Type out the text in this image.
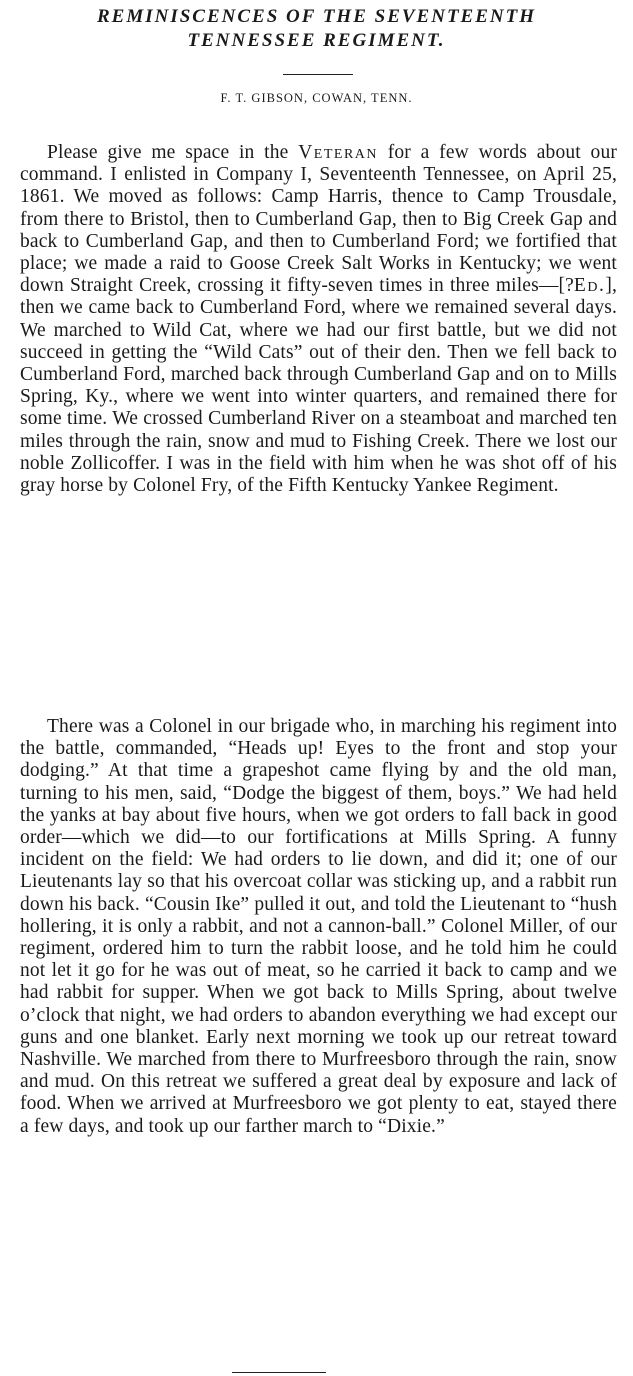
REMINISCENCES OF THE SEVENTEENTH
TENNESSEE REGIMENT.
F. T. GIBSON, COWAN, TENN.

Please give me space in the Veteran for a few words about our command. I enlisted in Company I, Seventeenth Tennessee, on April 25, 1861. We moved as follows: Camp Harris, thence to Camp Trousdale, from there to Bristol, then to Cumberland Gap, then to Big Creek Gap and back to Cumberland Gap, and then to Cumberland Ford; we fortified that place; we made a raid to Goose Creek Salt Works in Kentucky; we went down Straight Creek, crossing it fifty-seven times in three miles—[?Ed.], then we came back to Cumberland Ford, where we remained several days. We marched to Wild Cat, where we had our first battle, but we did not succeed in getting the “Wild Cats” out of their den. Then we fell back to Cumberland Ford, marched back through Cumberland Gap and on to Mills Spring, Ky., where we went into winter quarters, and remained there for some time. We crossed Cumberland River on a steamboat and marched ten miles through the rain, snow and mud to Fishing Creek. There we lost our noble Zollicoffer. I was in the field with him when he was shot off of his gray horse by Colonel Fry, of the Fifth Kentucky Yankee Regiment.

There was a Colonel in our brigade who, in marching his regiment into the battle, commanded, “Heads up! Eyes to the front and stop your dodging.” At that time a grapeshot came flying by and the old man, turning to his men, said, “Dodge the biggest of them, boys.” We had held the yanks at bay about five hours, when we got orders to fall back in good order—which we did—to our fortifications at Mills Spring. A funny incident on the field: We had orders to lie down, and did it; one of our Lieutenants lay so that his overcoat collar was sticking up, and a rabbit run down his back. “Cousin Ike” pulled it out, and told the Lieutenant to “hush hollering, it is only a rabbit, and not a cannon-ball.” Colonel Miller, of our regiment, ordered him to turn the rabbit loose, and he told him he could not let it go for he was out of meat, so he carried it back to camp and we had rabbit for supper. When we got back to Mills Spring, about twelve o’clock that night, we had orders to abandon everything we had except our guns and one blanket. Early next morning we took up our retreat toward Nashville. We marched from there to Murfreesboro through the rain, snow and mud. On this retreat we suffered a great deal by exposure and lack of food. When we arrived at Murfreesboro we got plenty to eat, stayed there a few days, and took up our farther march to “Dixie.”
